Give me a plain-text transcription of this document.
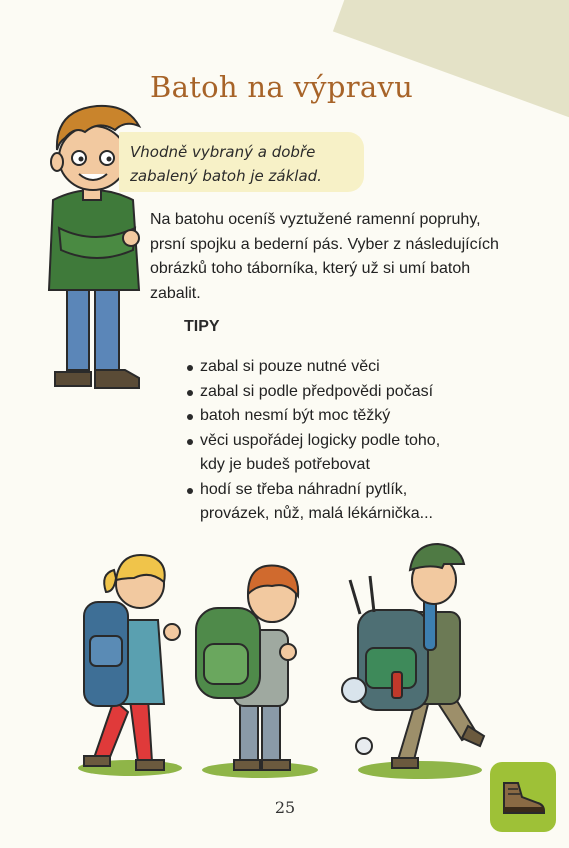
Batoh na výpravu
Vhodně vybraný a dobře
zabalený batoh je základ.
Na batohu oceníš vyztužené ramenní popruhy,
prsní spojku a bederní pás. Vyber z následujících
obrázků toho táborníka, který už si umí batoh
zabalit.
TIPY
zabal si pouze nutné věci
zabal si podle předpovědi počasí
batoh nesmí být moc těžký
věci uspořádej logicky podle toho,
kdy je budeš potřebovat
hodí se třeba náhradní pytlík,
provázek, nůž, malá lékárnička...
25
